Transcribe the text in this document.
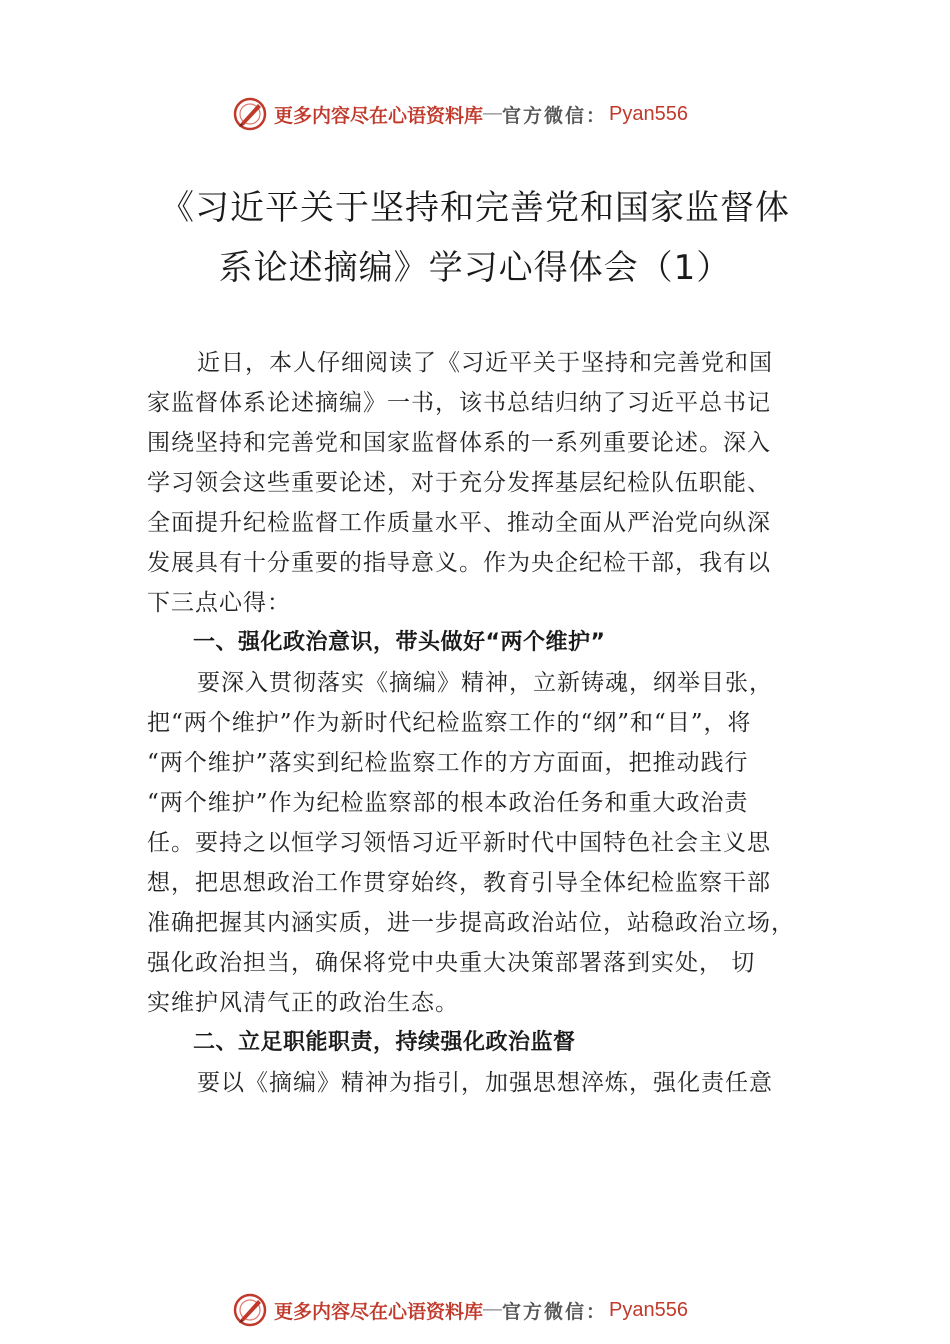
更多内容尽在心语资料库 — 官方微信： Pyan556
《习近平关于坚持和完善党和国家监督体
系论述摘编》学习心得体会（1）

近日，本人仔细阅读了《习近平关于坚持和完善党和国
家监督体系论述摘编》一书，该书总结归纳了习近平总书记
围绕坚持和完善党和国家监督体系的一系列重要论述。深入
学习领会这些重要论述，对于充分发挥基层纪检队伍职能、
全面提升纪检监督工作质量水平、推动全面从严治党向纵深
发展具有十分重要的指导意义。作为央企纪检干部，我有以
下三点心得：

一、强化政治意识，带头做好“两个维护”

要深入贯彻落实《摘编》精神，立新铸魂，纲举目张，
把“两个维护”作为新时代纪检监察工作的“纲”和“目”，将
“两个维护”落实到纪检监察工作的方方面面，把推动践行
“两个维护”作为纪检监察部的根本政治任务和重大政治责
任。要持之以恒学习领悟习近平新时代中国特色社会主义思
想，把思想政治工作贯穿始终，教育引导全体纪检监察干部
准确把握其内涵实质，进一步提高政治站位，站稳政治立场，
强化政治担当，确保将党中央重大决策部署落到实处， 切
实维护风清气正的政治生态。

二、立足职能职责，持续强化政治监督

要以《摘编》精神为指引，加强思想淬炼，强化责任意

更多内容尽在心语资料库 — 官方微信： Pyan556
